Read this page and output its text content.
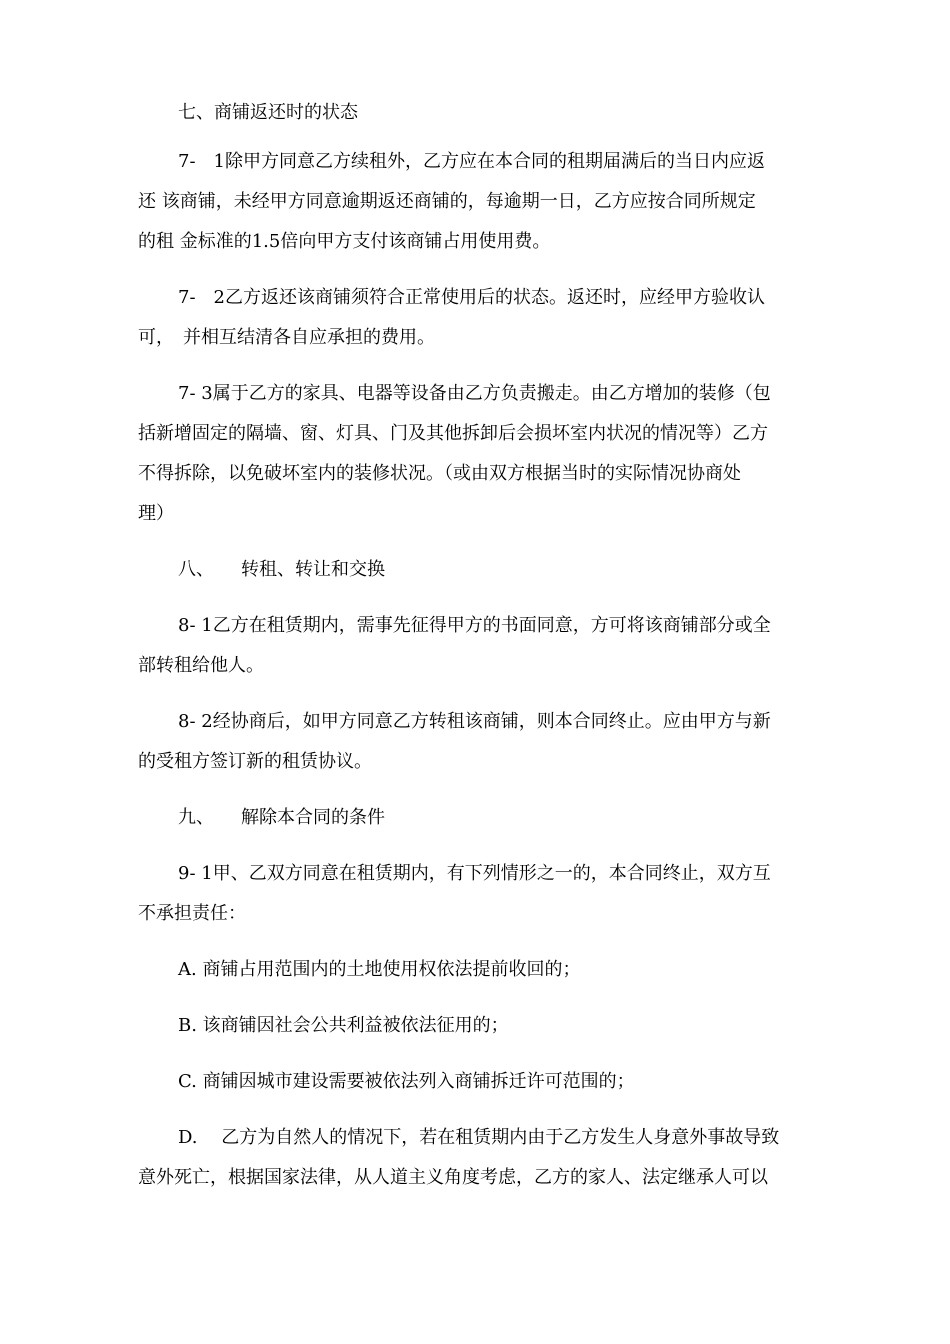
七、商铺返还时的状态
7-　1除甲方同意乙方续租外，乙方应在本合同的租期届满后的当日内应返
还 该商铺，未经甲方同意逾期返还商铺的，每逾期一日，乙方应按合同所规定
的租 金标准的1.5倍向甲方支付该商铺占用使用费。
7-　2乙方返还该商铺须符合正常使用后的状态。返还时，应经甲方验收认
可，　并相互结清各自应承担的费用。
7- 3属于乙方的家具、电器等设备由乙方负责搬走。由乙方增加的装修（包
括新增固定的隔墙、窗、灯具、门及其他拆卸后会损坏室内状况的情况等）乙方
不得拆除，以免破坏室内的装修状况。（或由双方根据当时的实际情况协商处
理）
八、　　转租、转让和交换
8- 1乙方在租赁期内，需事先征得甲方的书面同意，方可将该商铺部分或全
部转租给他人。
8- 2经协商后，如甲方同意乙方转租该商铺，则本合同终止。应由甲方与新
的受租方签订新的租赁协议。
九、　　解除本合同的条件
9- 1甲、乙双方同意在租赁期内，有下列情形之一的，本合同终止，双方互
不承担责任：
A. 商铺占用范围内的土地使用权依法提前收回的；
B. 该商铺因社会公共利益被依法征用的；
C. 商铺因城市建设需要被依法列入商铺拆迁许可范围的；
D.　 乙方为自然人的情况下，若在租赁期内由于乙方发生人身意外事故导致
意外死亡，根据国家法律，从人道主义角度考虑，乙方的家人、法定继承人可以
